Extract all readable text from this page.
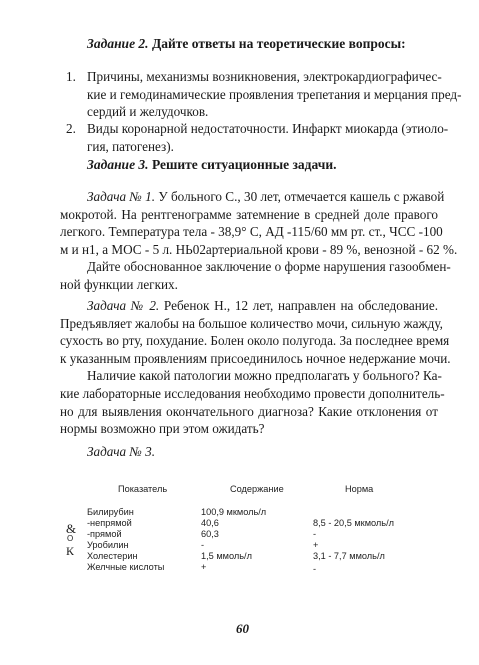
Задание 2. Дайте ответы на теоретические вопросы:
1. Причины, механизмы возникновения, электрокардиографичес-
кие и гемодинамические проявления трепетания и мерцания пред-
сердий и желудочков.
2. Виды коронарной недостаточности. Инфаркт миокарда (этиоло-
гия, патогенез).
Задание 3. Решите ситуационные задачи.
Задача № 1. У больного С., 30 лет, отмечается кашель с ржавой
мокротой. На рентгенограмме затемнение в средней доле правого
легкого. Температура тела - 38,9° С, АД -115/60 мм рт. ст., ЧСС -100
м и н1, а МОС - 5 л. НЬ02артериальной крови - 89 %, венозной - 62 %.
Дайте обоснованное заключение о форме нарушения газообмен-
ной функции легких.
Задача № 2. Ребенок Н., 12 лет, направлен на обследование.
Предъявляет жалобы на большое количество мочи, сильную жажду,
сухость во рту, похудание. Болен около полугода. За последнее время
к указанным проявлениям присоединилось ночное недержание мочи.
Наличие какой патологии можно предполагать у больного? Ка-
кие лабораторные исследования необходимо провести дополнитель-
но для выявления окончательного диагноза? Какие отклонения от
нормы возможно при этом ожидать?
Задача № 3.
Показатель	Содержание	Норма
&
О
К
Билирубин	100,9 мкмоль/л
-непрямой	40,6	8,5 - 20,5 мкмоль/л
-прямой	60,3	-
Уробилин	-	+
Холестерин	1,5 ммоль/л	3,1 - 7,7 ммоль/л
Желчные кислоты	+	-
60
